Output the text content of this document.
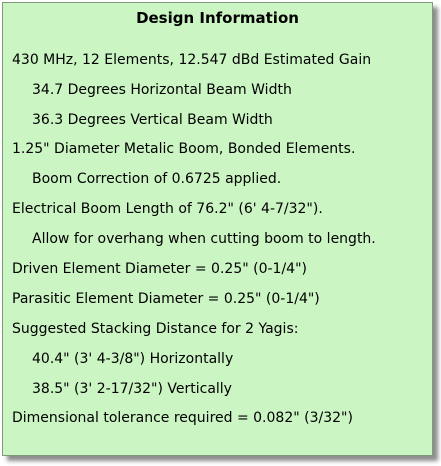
Design Information
430 MHz, 12 Elements, 12.547 dBd Estimated Gain
34.7 Degrees Horizontal Beam Width
36.3 Degrees Vertical Beam Width
1.25" Diameter Metalic Boom, Bonded Elements.
Boom Correction of 0.6725 applied.
Electrical Boom Length of 76.2" (6' 4-7/32").
Allow for overhang when cutting boom to length.
Driven Element Diameter = 0.25" (0-1/4")
Parasitic Element Diameter = 0.25" (0-1/4")
Suggested Stacking Distance for 2 Yagis:
40.4" (3' 4-3/8") Horizontally
38.5" (3' 2-17/32") Vertically
Dimensional tolerance required = 0.082" (3/32")
